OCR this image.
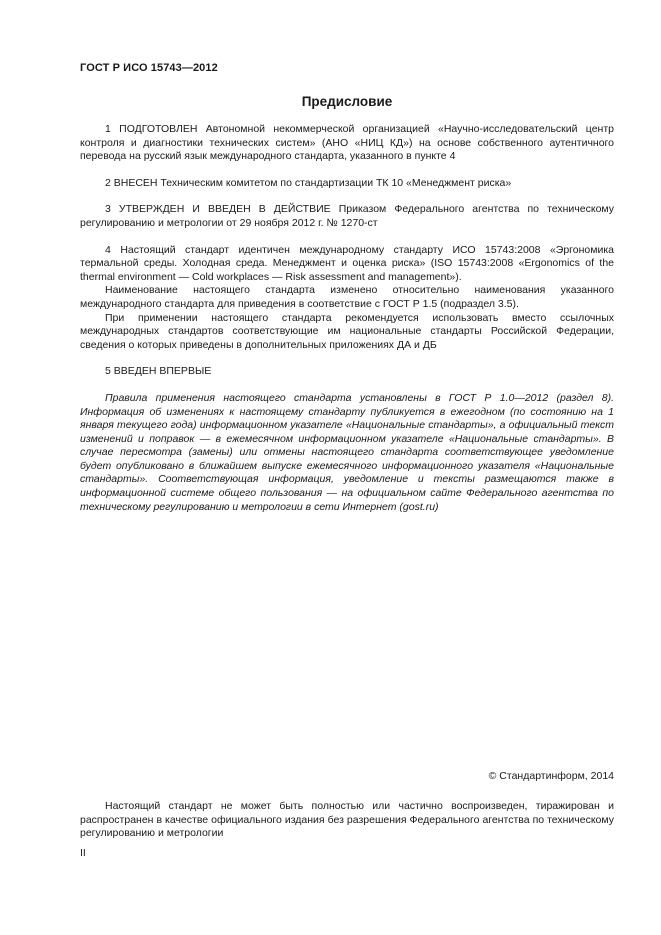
ГОСТ Р ИСО 15743—2012
Предисловие

1 ПОДГОТОВЛЕН Автономной некоммерческой организацией «Научно-исследовательский центр контроля и диагностики технических систем» (АНО «НИЦ КД») на основе собственного аутентичного перевода на русский язык международного стандарта, указанного в пункте 4

2 ВНЕСЕН Техническим комитетом по стандартизации ТК 10 «Менеджмент риска»

3 УТВЕРЖДЕН И ВВЕДЕН В ДЕЙСТВИЕ Приказом Федерального агентства по техническому регулированию и метрологии от 29 ноября 2012 г. № 1270-ст

4 Настоящий стандарт идентичен международному стандарту ИСО 15743:2008 «Эргономика термальной среды. Холодная среда. Менеджмент и оценка риска» (ISO 15743:2008 «Ergonomics of the thermal environment — Cold workplaces — Risk assessment and management»).

Наименование настоящего стандарта изменено относительно наименования указанного международного стандарта для приведения в соответствие с ГОСТ Р 1.5 (подраздел 3.5).

При применении настоящего стандарта рекомендуется использовать вместо ссылочных международных стандартов соответствующие им национальные стандарты Российской Федерации, сведения о которых приведены в дополнительных приложениях ДА и ДБ

5 ВВЕДЕН ВПЕРВЫЕ

Правила применения настоящего стандарта установлены в ГОСТ Р 1.0—2012 (раздел 8). Информация об изменениях к настоящему стандарту публикуется в ежегодном (по состоянию на 1 января текущего года) информационном указателе «Национальные стандарты», а официальный текст изменений и поправок — в ежемесячном информационном указателе «Национальные стандарты». В случае пересмотра (замены) или отмены настоящего стандарта соответствующее уведомление будет опубликовано в ближайшем выпуске ежемесячного информационного указателя «Национальные стандарты». Соответствующая информация, уведомление и тексты размещаются также в информационной системе общего пользования — на официальном сайте Федерального агентства по техническому регулированию и метрологии в сети Интернет (gost.ru)

© Стандартинформ, 2014

Настоящий стандарт не может быть полностью или частично воспроизведен, тиражирован и распространен в качестве официального издания без разрешения Федерального агентства по техническому регулированию и метрологии

II
